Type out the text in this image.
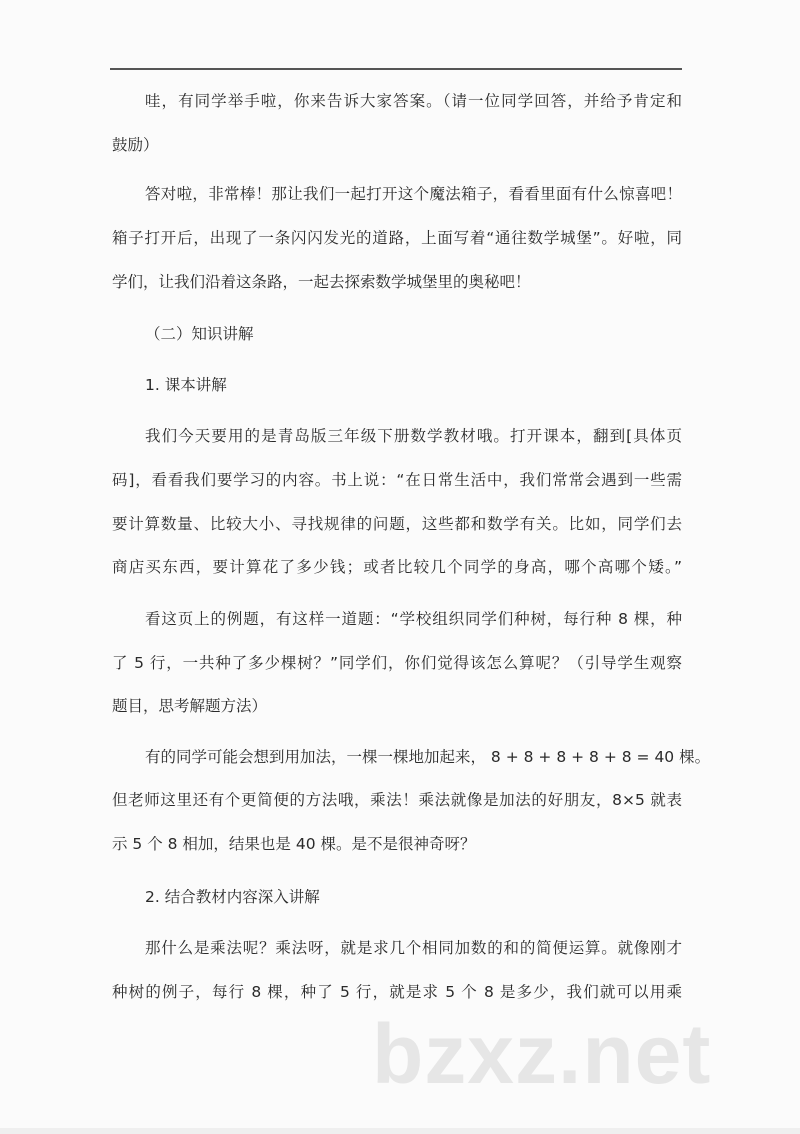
哇，有同学举手啦，你来告诉大家答案。（请一位同学回答，并给予肯定和
鼓励）
答对啦，非常棒！那让我们一起打开这个魔法箱子，看看里面有什么惊喜吧！
箱子打开后，出现了一条闪闪发光的道路，上面写着“通往数学城堡”。好啦，同
学们，让我们沿着这条路，一起去探索数学城堡里的奥秘吧！
（二）知识讲解
1. 课本讲解
我们今天要用的是青岛版三年级下册数学教材哦。打开课本，翻到[具体页
码]，看看我们要学习的内容。书上说：“在日常生活中，我们常常会遇到一些需
要计算数量、比较大小、寻找规律的问题，这些都和数学有关。比如，同学们去
商店买东西，要计算花了多少钱；或者比较几个同学的身高，哪个高哪个矮。”
看这页上的例题，有这样一道题：“学校组织同学们种树，每行种 8 棵，种
了 5 行，一共种了多少棵树？”同学们，你们觉得该怎么算呢？（引导学生观察
题目，思考解题方法）
有的同学可能会想到用加法，一棵一棵地加起来， 8 + 8 + 8 + 8 + 8 = 40 棵。
但老师这里还有个更简便的方法哦，乘法！乘法就像是加法的好朋友，8×5 就表
示 5 个 8 相加，结果也是 40 棵。是不是很神奇呀？
2. 结合教材内容深入讲解
那什么是乘法呢？乘法呀，就是求几个相同加数的和的简便运算。就像刚才
种树的例子，每行 8 棵，种了 5 行，就是求 5 个 8 是多少，我们就可以用乘
bzxz.net
